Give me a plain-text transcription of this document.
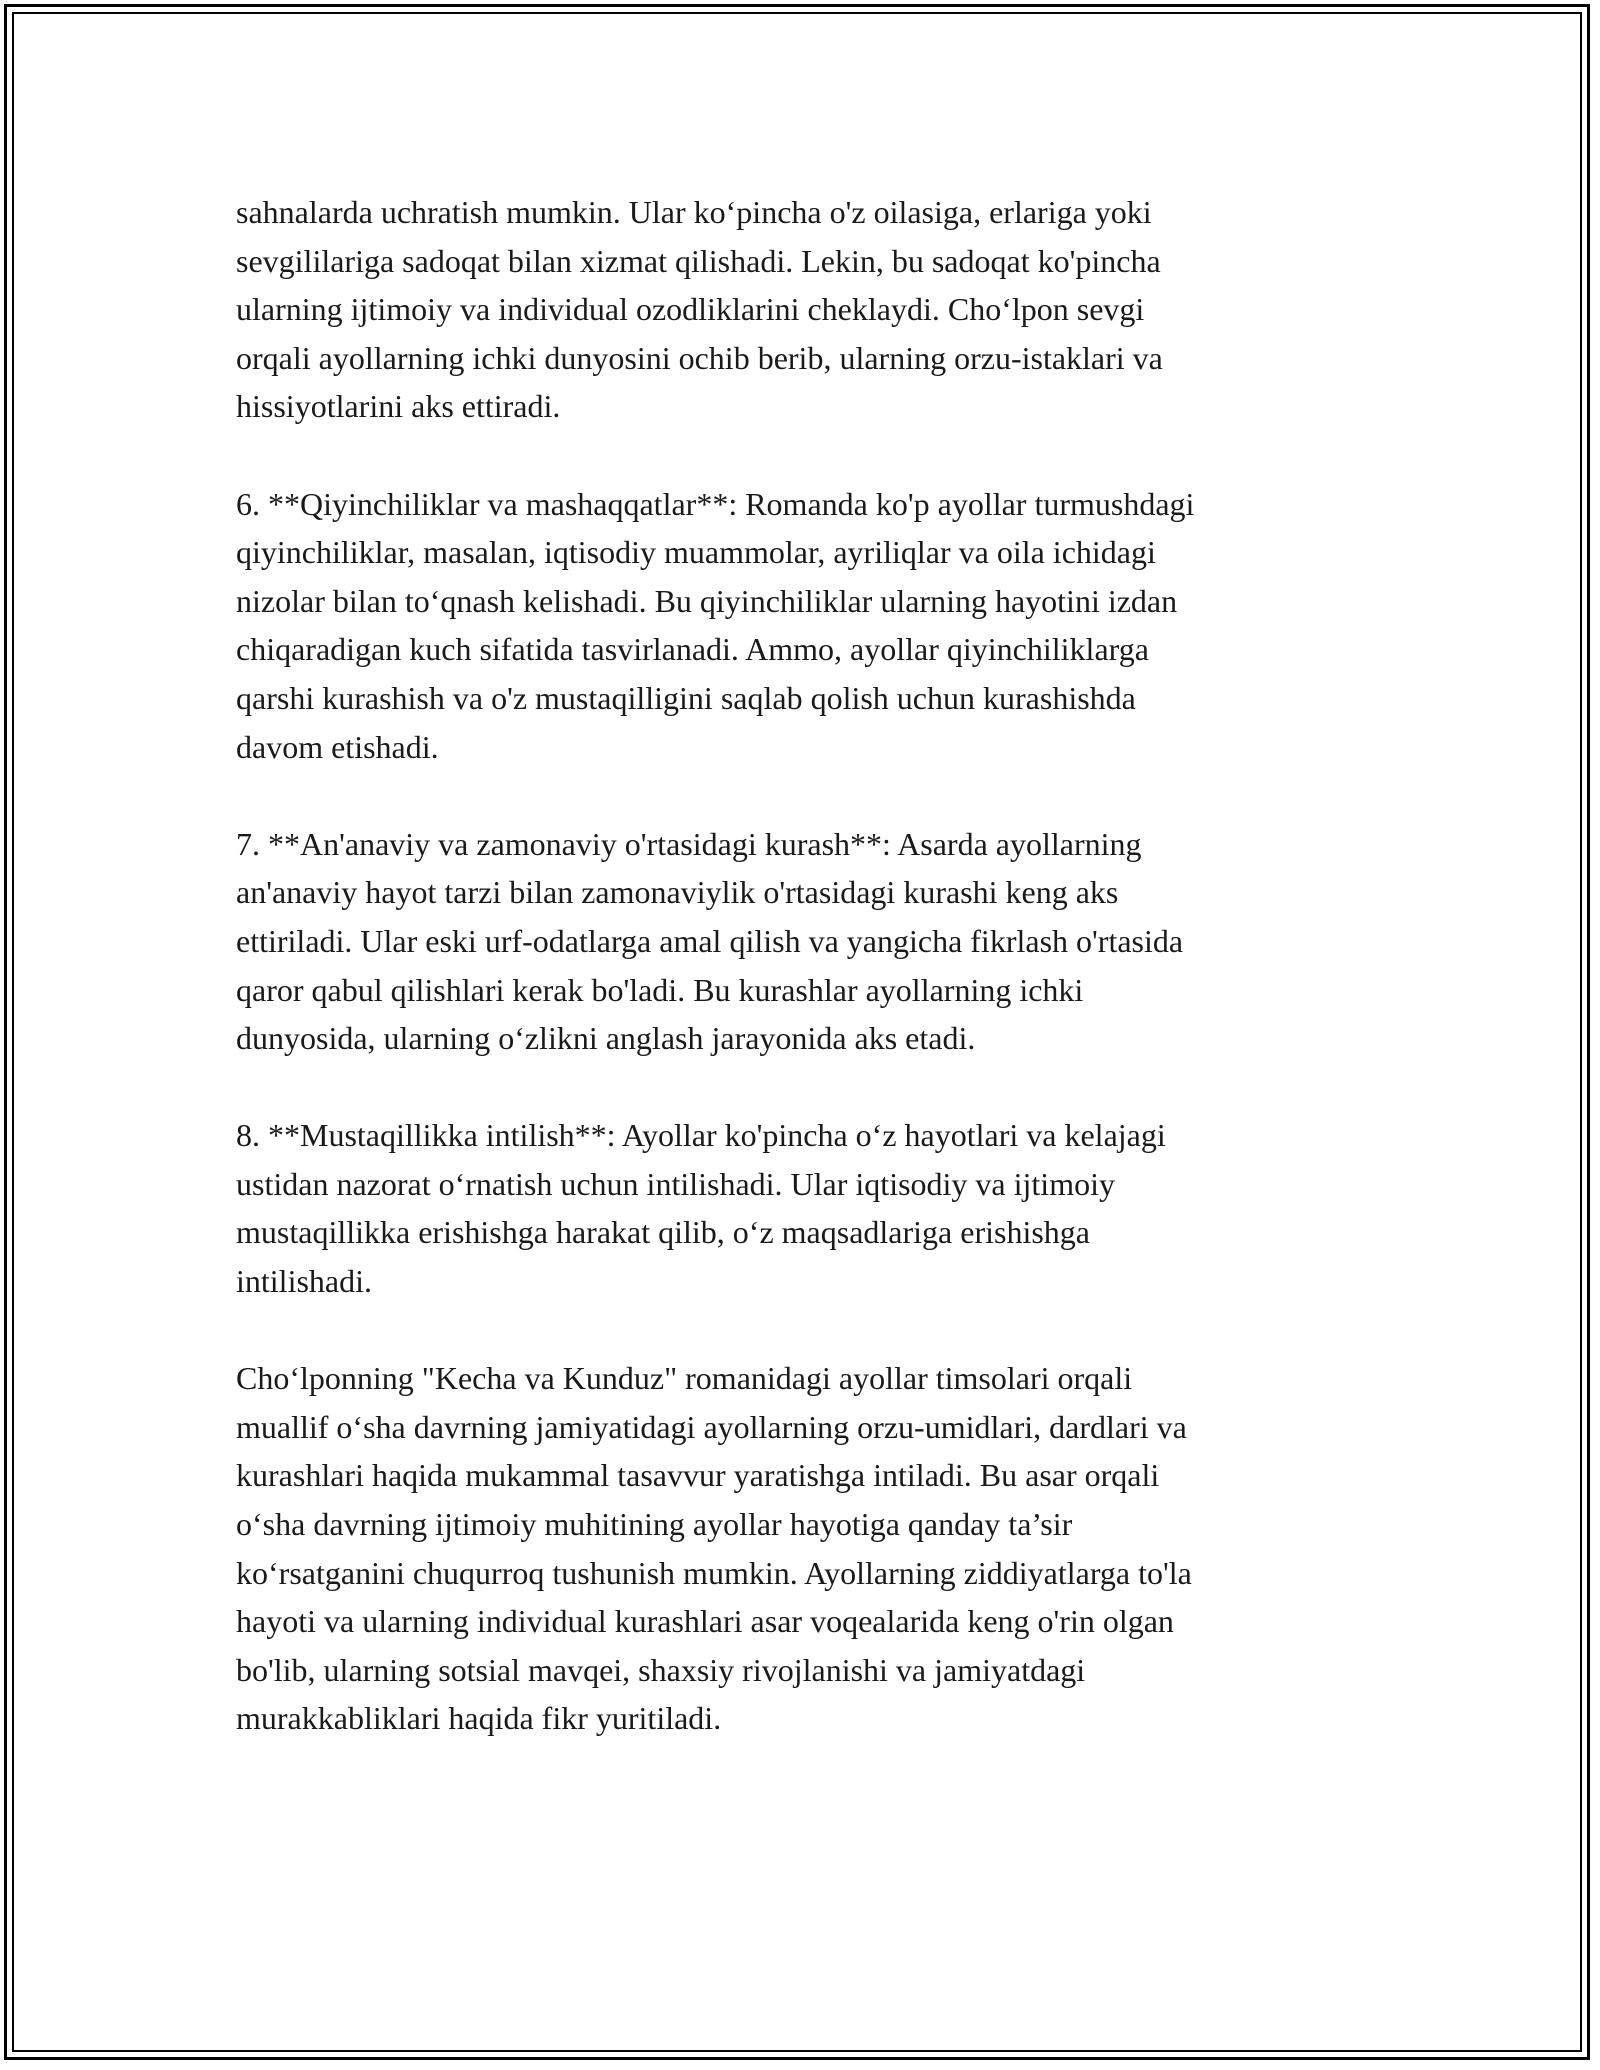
sahnalarda uchratish mumkin. Ular ko‘pincha o'z oilasiga, erlariga yoki
sevgililariga sadoqat bilan xizmat qilishadi. Lekin, bu sadoqat ko'pincha
ularning ijtimoiy va individual ozodliklarini cheklaydi. Cho‘lpon sevgi
orqali ayollarning ichki dunyosini ochib berib, ularning orzu-istaklari va
hissiyotlarini aks ettiradi.

6. **Qiyinchiliklar va mashaqqatlar**: Romanda ko'p ayollar turmushdagi
qiyinchiliklar, masalan, iqtisodiy muammolar, ayriliqlar va oila ichidagi
nizolar bilan to‘qnash kelishadi. Bu qiyinchiliklar ularning hayotini izdan
chiqaradigan kuch sifatida tasvirlanadi. Ammo, ayollar qiyinchiliklarga
qarshi kurashish va o'z mustaqilligini saqlab qolish uchun kurashishda
davom etishadi.

7. **An'anaviy va zamonaviy o'rtasidagi kurash**: Asarda ayollarning
an'anaviy hayot tarzi bilan zamonaviylik o'rtasidagi kurashi keng aks
ettiriladi. Ular eski urf-odatlarga amal qilish va yangicha fikrlash o'rtasida
qaror qabul qilishlari kerak bo'ladi. Bu kurashlar ayollarning ichki
dunyosida, ularning o‘zlikni anglash jarayonida aks etadi.

8. **Mustaqillikka intilish**: Ayollar ko'pincha o‘z hayotlari va kelajagi
ustidan nazorat o‘rnatish uchun intilishadi. Ular iqtisodiy va ijtimoiy
mustaqillikka erishishga harakat qilib, o‘z maqsadlariga erishishga
intilishadi.

Cho‘lponning "Kecha va Kunduz" romanidagi ayollar timsolari orqali
muallif o‘sha davrning jamiyatidagi ayollarning orzu-umidlari, dardlari va
kurashlari haqida mukammal tasavvur yaratishga intiladi. Bu asar orqali
o‘sha davrning ijtimoiy muhitining ayollar hayotiga qanday ta’sir
ko‘rsatganini chuqurroq tushunish mumkin. Ayollarning ziddiyatlarga to'la
hayoti va ularning individual kurashlari asar voqealarida keng o'rin olgan
bo'lib, ularning sotsial mavqei, shaxsiy rivojlanishi va jamiyatdagi
murakkabliklari haqida fikr yuritiladi.
